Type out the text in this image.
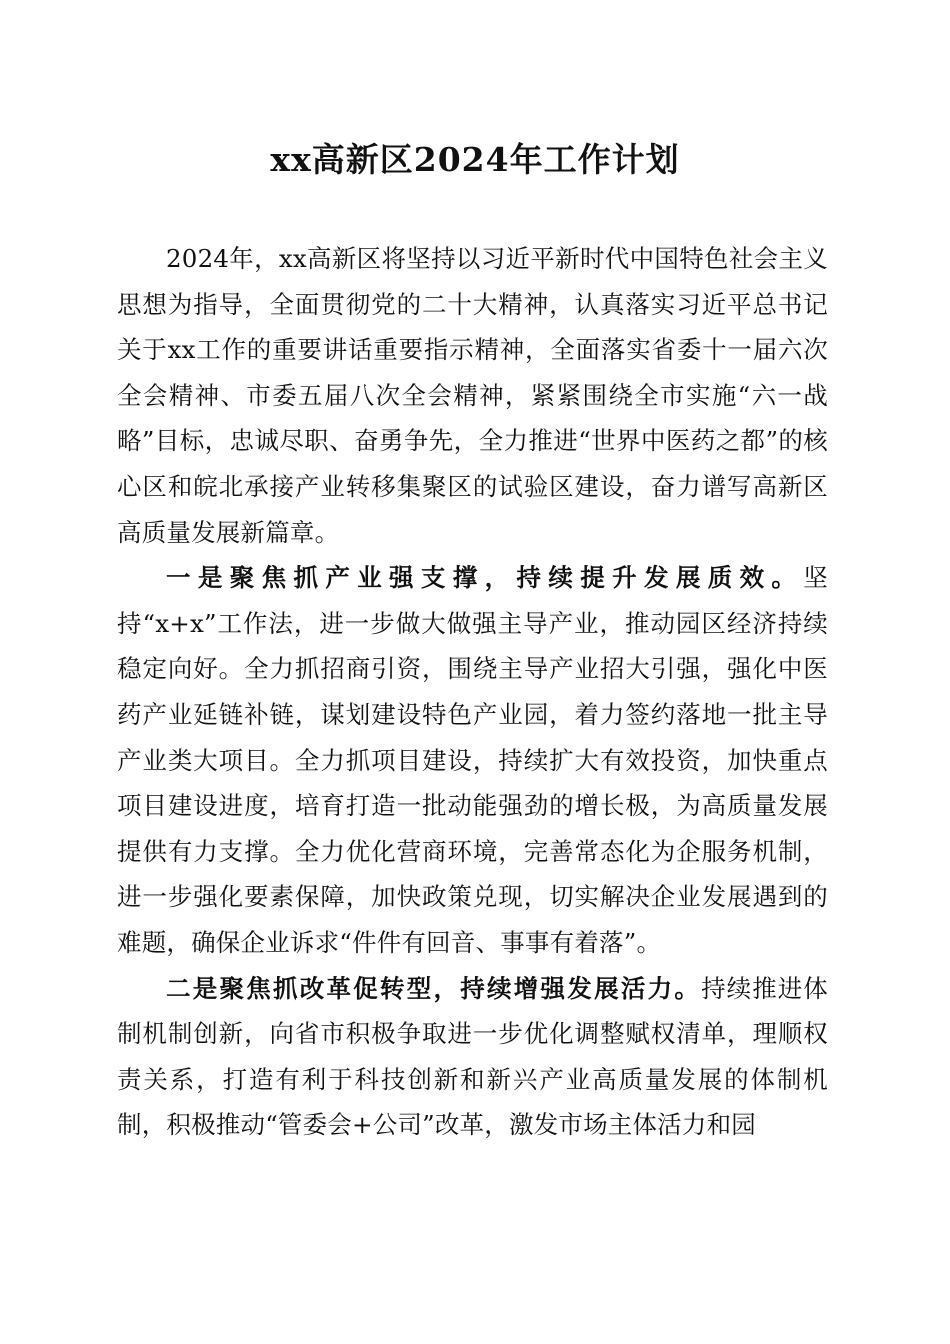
xx高新区2024年工作计划

2024年，xx高新区将坚持以习近平新时代中国特色社会主义思想为指导，全面贯彻党的二十大精神，认真落实习近平总书记关于xx工作的重要讲话重要指示精神，全面落实省委十一届六次全会精神、市委五届八次全会精神，紧紧围绕全市实施“六一战略”目标，忠诚尽职、奋勇争先，全力推进“世界中医药之都”的核心区和皖北承接产业转移集聚区的试验区建设，奋力谱写高新区高质量发展新篇章。

一是聚焦抓产业强支撑，持续提升发展质效。坚持“x+x”工作法，进一步做大做强主导产业，推动园区经济持续稳定向好。全力抓招商引资，围绕主导产业招大引强，强化中医药产业延链补链，谋划建设特色产业园，着力签约落地一批主导产业类大项目。全力抓项目建设，持续扩大有效投资，加快重点项目建设进度，培育打造一批动能强劲的增长极，为高质量发展提供有力支撑。全力优化营商环境，完善常态化为企服务机制，进一步强化要素保障，加快政策兑现，切实解决企业发展遇到的难题，确保企业诉求“件件有回音、事事有着落”。

二是聚焦抓改革促转型，持续增强发展活力。持续推进体制机制创新，向省市积极争取进一步优化调整赋权清单，理顺权责关系，打造有利于科技创新和新兴产业高质量发展的体制机制，积极推动“管委会+公司”改革，激发市场主体活力和园
